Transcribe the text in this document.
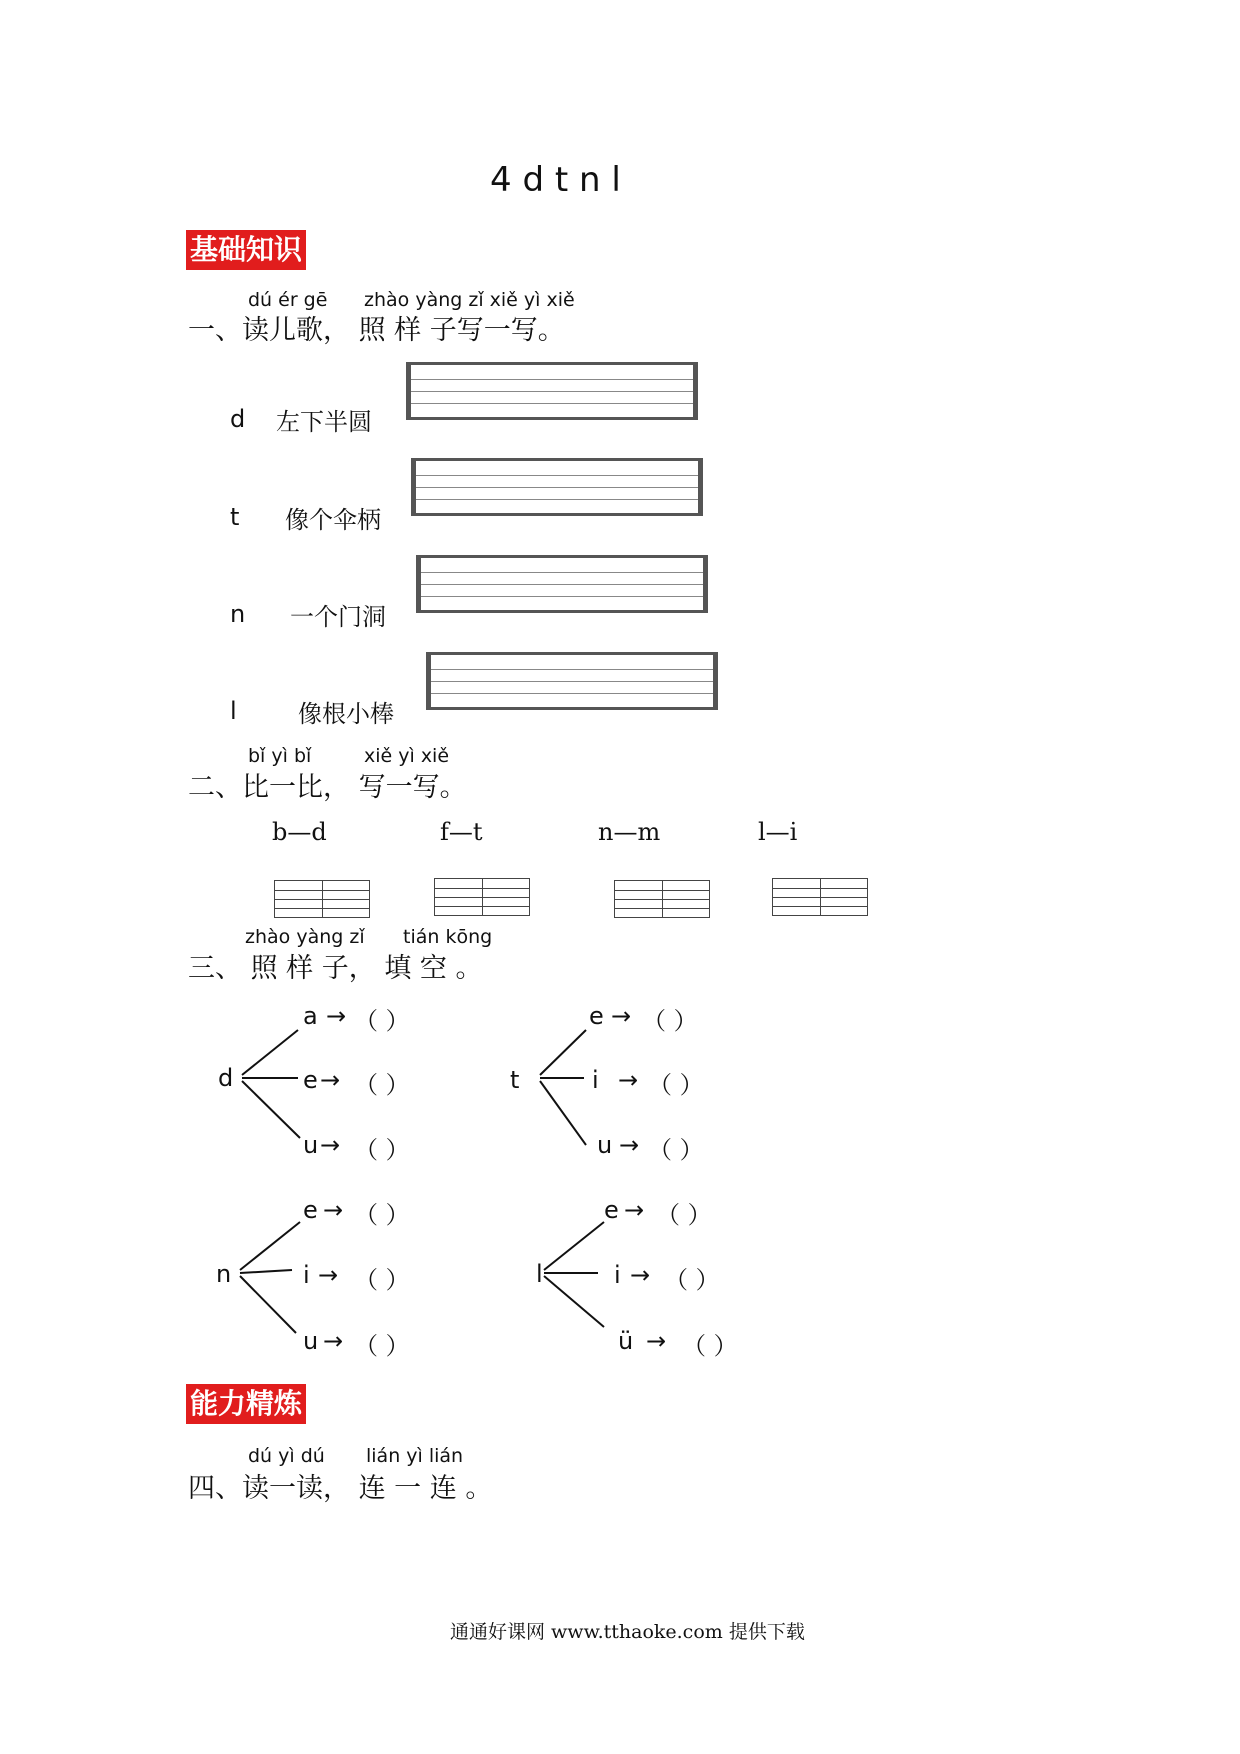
4 d t n l
基础知识
dú ér gē zhào yàng zǐ xiě yì xiě
一、读儿歌， 照 样 子写一写。
d 左下半圆
t 像个伞柄
n 一个门洞
l	像根小棒
bǐ yì bǐ	xiě yì xiě
二、比一比， 写一写。
b—d	f—t	n—m	l—i
zhào yàng zǐ tián kōng
三、 照 样 子， 填 空 。
d
a → （ ）
e → （ ）
u → （ ）
t
e → （ ）
i → （ ）
u → （ ）
n
e → （ ）
i → （ ）
u → （ ）
l
e → （ ）
i → （ ）
ü → （ ）
能力精炼
dú yì dú lián yì lián
四、读一读， 连 一 连 。
通通好课网 www.tthaoke.com 提供下载
